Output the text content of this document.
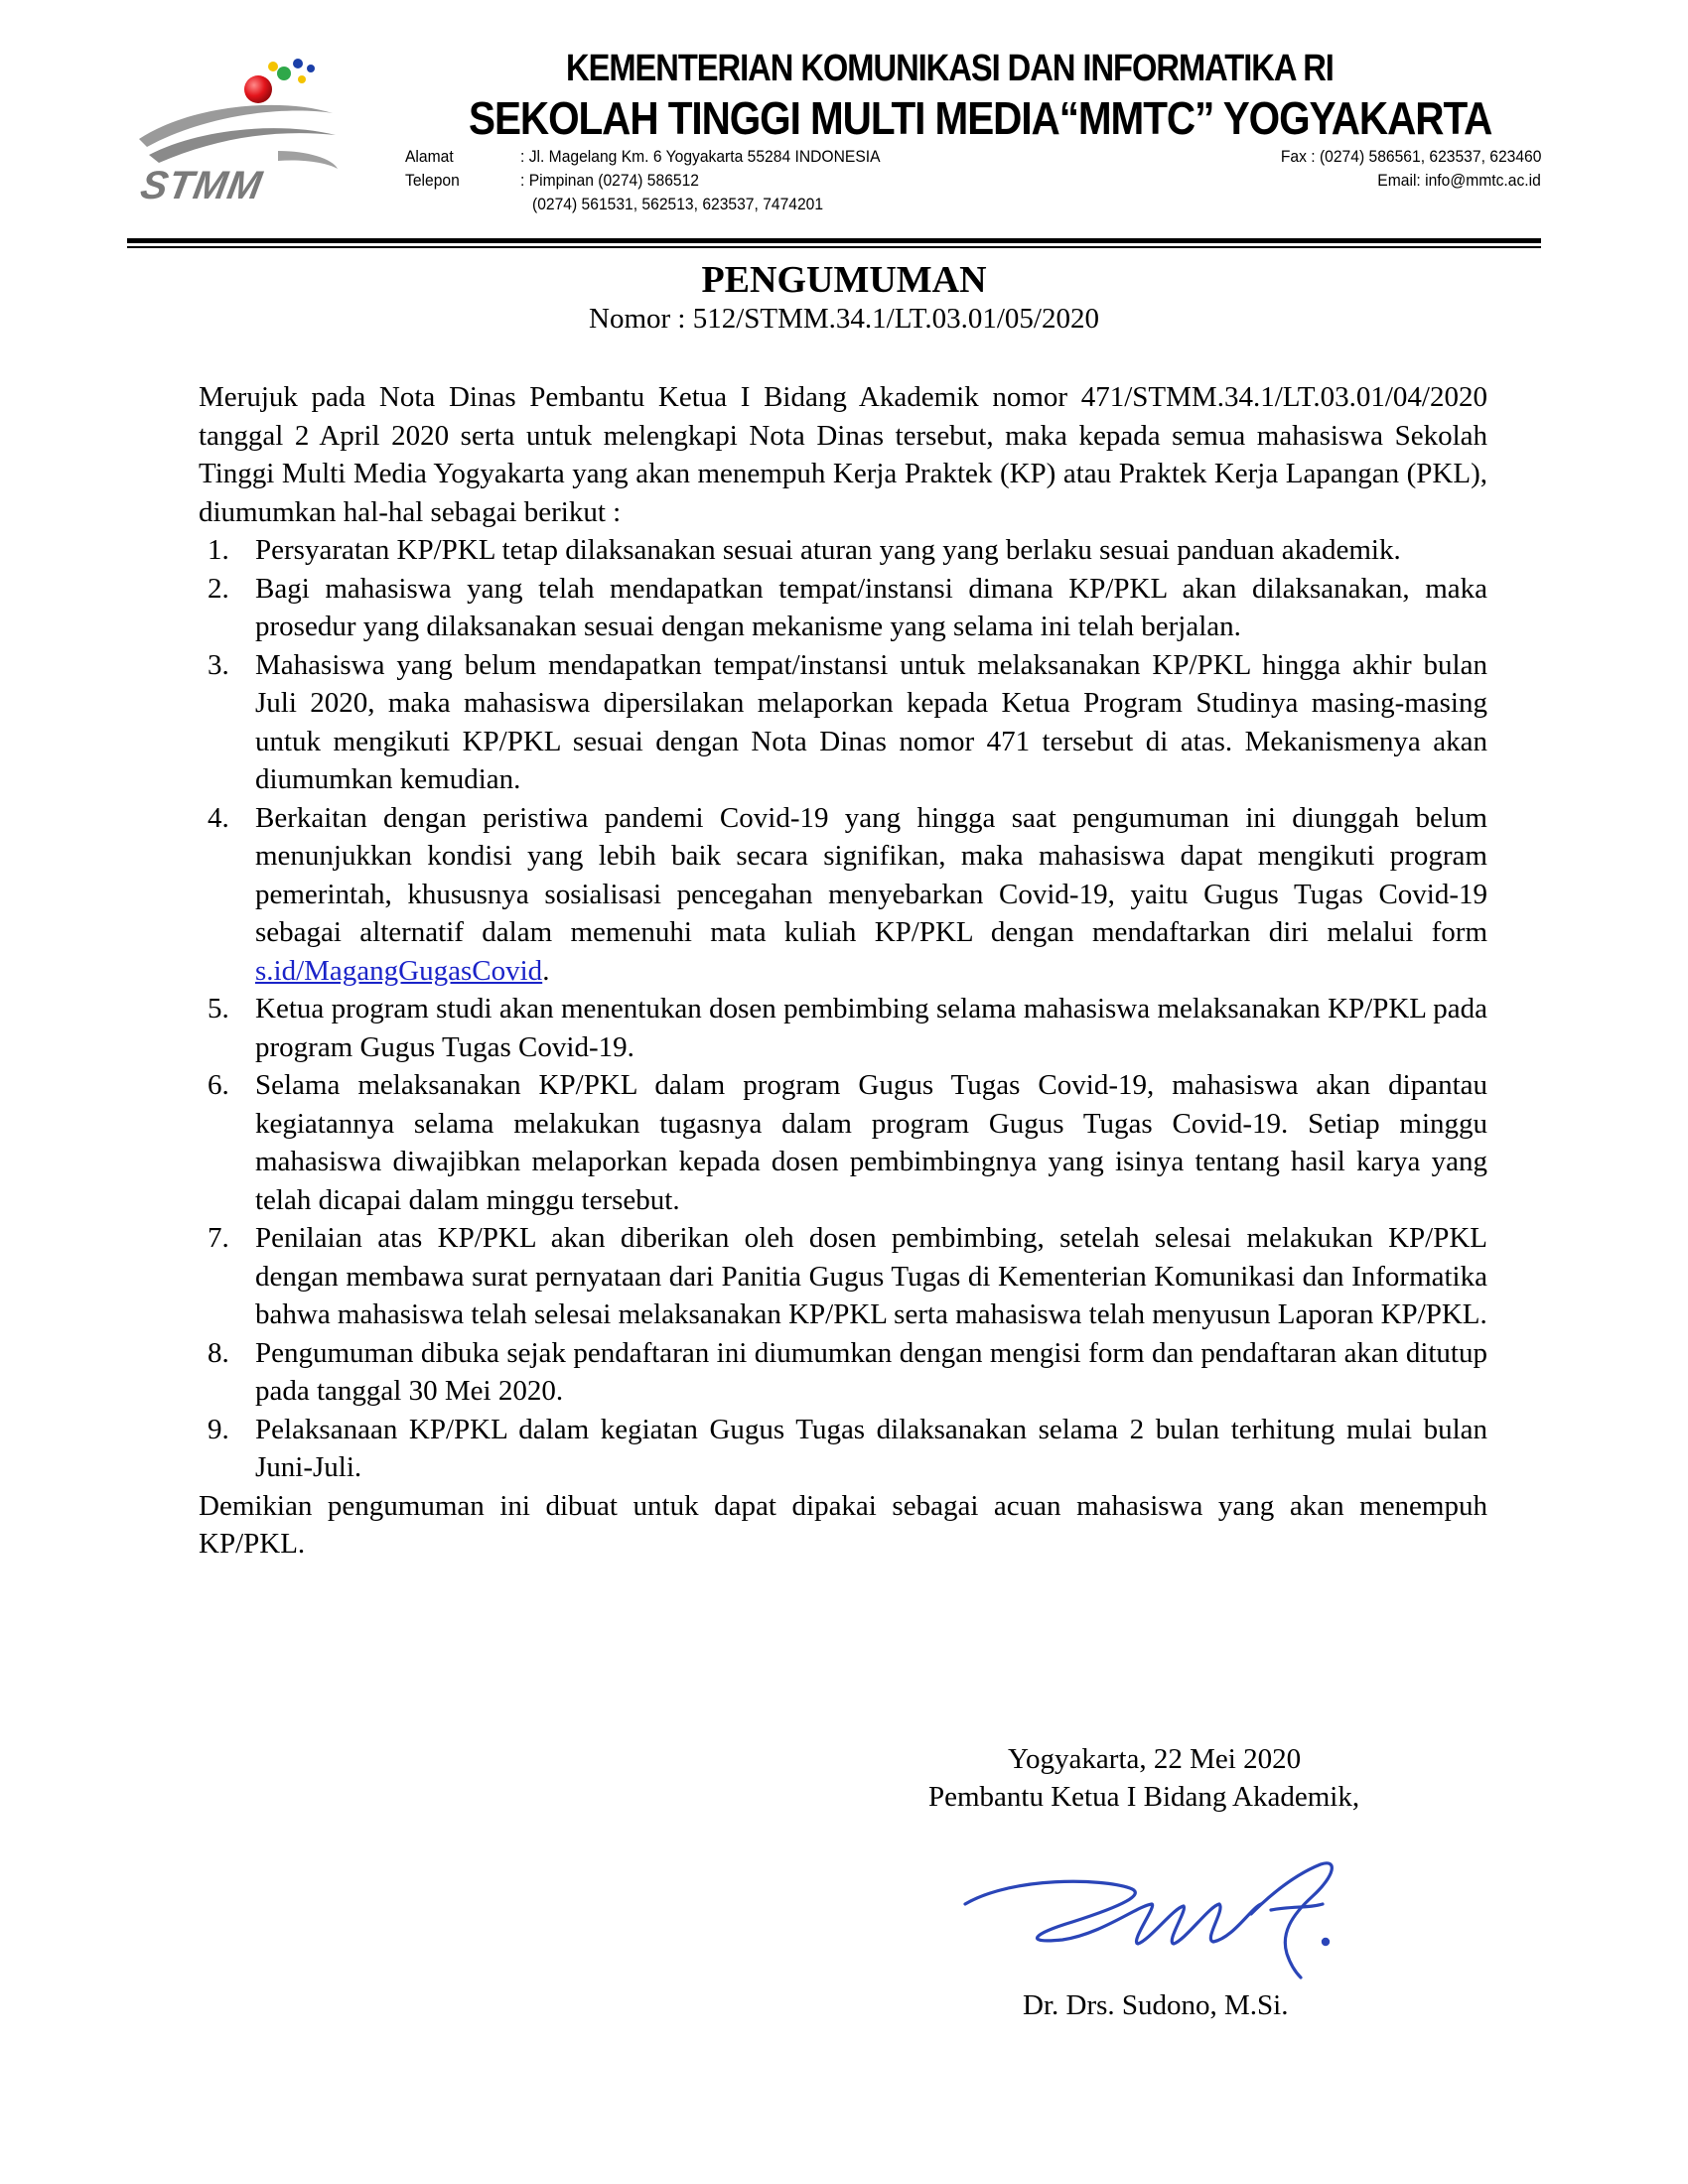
STMM
KEMENTERIAN KOMUNIKASI DAN INFORMATIKA RI
SEKOLAH TINGGI MULTI MEDIA“MMTC” YOGYAKARTA
Alamat	: Jl. Magelang Km. 6 Yogyakarta 55284 INDONESIA
Telepon	: Pimpinan (0274) 586512
(0274) 561531, 562513, 623537, 7474201
Fax : (0274) 586561, 623537, 623460
Email: info@mmtc.ac.id
PENGUMUMAN
Nomor : 512/STMM.34.1/LT.03.01/05/2020

Merujuk pada Nota Dinas Pembantu Ketua I Bidang Akademik nomor 471/STMM.34.1/LT.03.01/04/2020 tanggal 2 April 2020 serta untuk melengkapi Nota Dinas tersebut, maka kepada semua mahasiswa Sekolah Tinggi Multi Media Yogyakarta yang akan menempuh Kerja Praktek (KP) atau Praktek Kerja Lapangan (PKL), diumumkan hal-hal sebagai berikut :

1. Persyaratan KP/PKL tetap dilaksanakan sesuai aturan yang yang berlaku sesuai panduan akademik.
2. Bagi mahasiswa yang telah mendapatkan tempat/instansi dimana KP/PKL akan dilaksanakan, maka prosedur yang dilaksanakan sesuai dengan mekanisme yang selama ini telah berjalan.
3. Mahasiswa yang belum mendapatkan tempat/instansi untuk melaksanakan KP/PKL hingga akhir bulan Juli 2020, maka mahasiswa dipersilakan melaporkan kepada Ketua Program Studinya masing-masing untuk mengikuti KP/PKL sesuai dengan Nota Dinas nomor 471 tersebut di atas. Mekanismenya akan diumumkan kemudian.
4. Berkaitan dengan peristiwa pandemi Covid-19 yang hingga saat pengumuman ini diunggah belum menunjukkan kondisi yang lebih baik secara signifikan, maka mahasiswa dapat mengikuti program pemerintah, khususnya sosialisasi pencegahan menyebarkan Covid-19, yaitu Gugus Tugas Covid-19 sebagai alternatif dalam memenuhi mata kuliah KP/PKL dengan mendaftarkan diri melalui form s.id/MagangGugasCovid.
5. Ketua program studi akan menentukan dosen pembimbing selama mahasiswa melaksanakan KP/PKL pada program Gugus Tugas Covid-19.
6. Selama melaksanakan KP/PKL dalam program Gugus Tugas Covid-19, mahasiswa akan dipantau kegiatannya selama melakukan tugasnya dalam program Gugus Tugas Covid-19. Setiap minggu mahasiswa diwajibkan melaporkan kepada dosen pembimbingnya yang isinya tentang hasil karya yang telah dicapai dalam minggu tersebut.
7. Penilaian atas KP/PKL akan diberikan oleh dosen pembimbing, setelah selesai melakukan KP/PKL dengan membawa surat pernyataan dari Panitia Gugus Tugas di Kementerian Komunikasi dan Informatika bahwa mahasiswa telah selesai melaksanakan KP/PKL serta mahasiswa telah menyusun Laporan KP/PKL.
8. Pengumuman dibuka sejak pendaftaran ini diumumkan dengan mengisi form dan pendaftaran akan ditutup pada tanggal 30 Mei 2020.
9. Pelaksanaan KP/PKL dalam kegiatan Gugus Tugas dilaksanakan selama 2 bulan terhitung mulai bulan Juni-Juli.

Demikian pengumuman ini dibuat untuk dapat dipakai sebagai acuan mahasiswa yang akan menempuh KP/PKL.

Yogyakarta, 22 Mei 2020
Pembantu Ketua I Bidang Akademik,
Dr. Drs. Sudono, M.Si.
